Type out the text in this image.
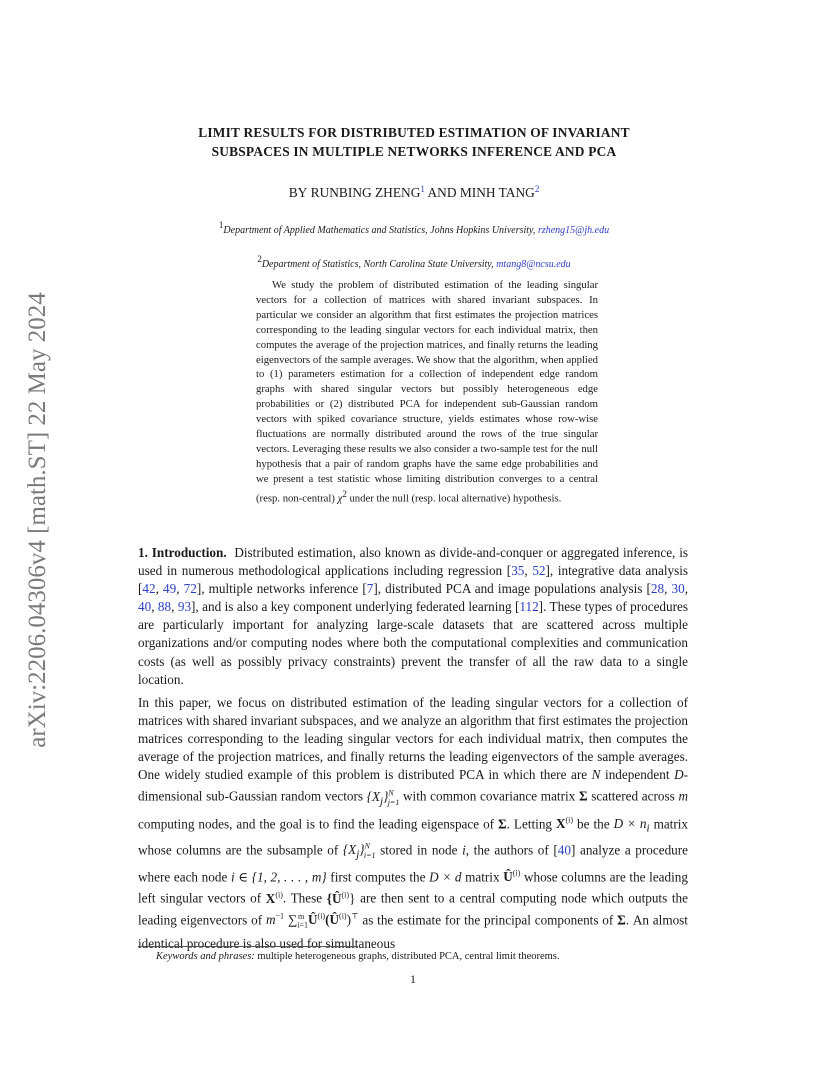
arXiv:2206.04306v4 [math.ST] 22 May 2024
LIMIT RESULTS FOR DISTRIBUTED ESTIMATION OF INVARIANT
SUBSPACES IN MULTIPLE NETWORKS INFERENCE AND PCA

BY RUNBING ZHENG$^1$ AND MINH TANG$^2$

$^1$Department of Applied Mathematics and Statistics, Johns Hopkins University, rzheng15@jh.edu

$^2$Department of Statistics, North Carolina State University, mtang8@ncsu.edu

We study the problem of distributed estimation of the leading singular vectors for a collection of matrices with shared invariant subspaces. In particular we consider an algorithm that first estimates the projection matrices corresponding to the leading singular vectors for each individual matrix, then computes the average of the projection matrices, and finally returns the leading eigenvectors of the sample averages. We show that the algorithm, when applied to (1) parameters estimation for a collection of independent edge random graphs with shared singular vectors but possibly heterogeneous edge probabilities or (2) distributed PCA for independent sub-Gaussian random vectors with spiked covariance structure, yields estimates whose row-wise fluctuations are normally distributed around the rows of the true singular vectors. Leveraging these results we also consider a two-sample test for the null hypothesis that a pair of random graphs have the same edge probabilities and we present a test statistic whose limiting distribution converges to a central (resp. non-central) $\chi^2$ under the null (resp. local alternative) hypothesis.

1. Introduction. Distributed estimation, also known as divide-and-conquer or aggregated inference, is used in numerous methodological applications including regression [35, 52], integrative data analysis [42, 49, 72], multiple networks inference [7], distributed PCA and image populations analysis [28, 30, 40, 88, 93], and is also a key component underlying federated learning [112]. These types of procedures are particularly important for analyzing large-scale datasets that are scattered across multiple organizations and/or computing nodes where both the computational complexities and communication costs (as well as possibly privacy constraints) prevent the transfer of all the raw data to a single location.

In this paper, we focus on distributed estimation of the leading singular vectors for a collection of matrices with shared invariant subspaces, and we analyze an algorithm that first estimates the projection matrices corresponding to the leading singular vectors for each individual matrix, then computes the average of the projection matrices, and finally returns the leading eigenvectors of the sample averages. One widely studied example of this problem is distributed PCA in which there are N independent D-dimensional sub-Gaussian random vectors $\{X_j\}^N_{j=1}$ with common covariance matrix Σ scattered across m computing nodes, and the goal is to find the leading eigenspace of Σ. Letting $X^{(i)}$ be the $D \times n_i$ matrix whose columns are the subsample of $\{X_j\}^N_{i=1}$ stored in node i, the authors of [40] analyze a procedure where each node i ∈ {1, 2, . . . , m} first computes the D × d matrix $Û^{(i)}$ whose columns are the leading left singular vectors of $X^{(i)}$. These $\{Û^{(i)}\}$ are then sent to a central computing node which outputs the leading eigenvectors of $m^{-1}$ $\sum_{i=1}^m$ $Û^{(i)}(Û^{(i)})^⊤$ as the estimate for the principal components of Σ. An almost identical procedure is also used for simultaneous

Keywords and phrases: multiple heterogeneous graphs, distributed PCA, central limit theorems.

1
